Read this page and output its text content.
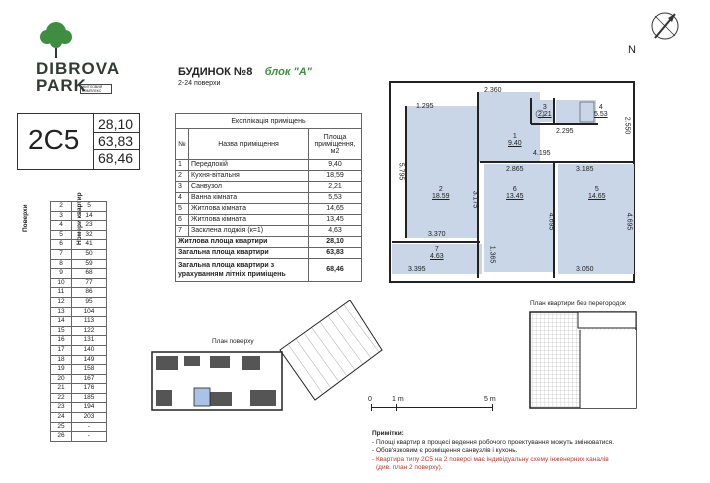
DIBROVA
PARK
ЖИТЛОВИЙ КОМПЛЕКС
N
БУДИНОК №8 блок "А"
2-24 поверхи
2C5 28,10
63,83
68,46
Експлікація приміщень		
№	Назва приміщення	Площа приміщення, м2
1	Передпокій	9,40
2	Кухня-вітальня	18,59
3	Санвузол	2,21
4	Ванна кімната	5,53
5	Житлова кімната	14,65
6	Житлова кімната	13,45
7	Засклена лоджія (к=1)	4,63
Житлова площа квартири		28,10
Загальна площа квартири		63,83
Загальна площа квартири з урахуванням літніх приміщень		68,46
Поверхи	Номери квартир
2	5
3	14
4	23
5	32
6	41
7	50
8	59
9	68
10	77
11	86
12	95
13	104
14	113
15	122
16	131
17	140
18	149
19	158
20	167
21	176
22	185
23	194
24	203
25	-
26	-
1
9.40
2
18.59
3
2.21
4
5.53
5
14.65
6
13.45
7
4.63
2.360
1.295
2.295
4.195
2.865	3.185
3.370
3.395	3.050
5.795
3.175
1.365
4.695	4.695
2.550
План квартири без перегородок
План поверху
0	1 m	5 m
Примітки:
- Площі квартир в процесі ведення робочого проектування можуть змінюватися.
- Обов'язковим є розміщення санвузлів і кухонь.
- Квартира типу 2С5 на 2 поверсі має індивідуальну схему інженерних каналів
(див. план 2 поверху).
